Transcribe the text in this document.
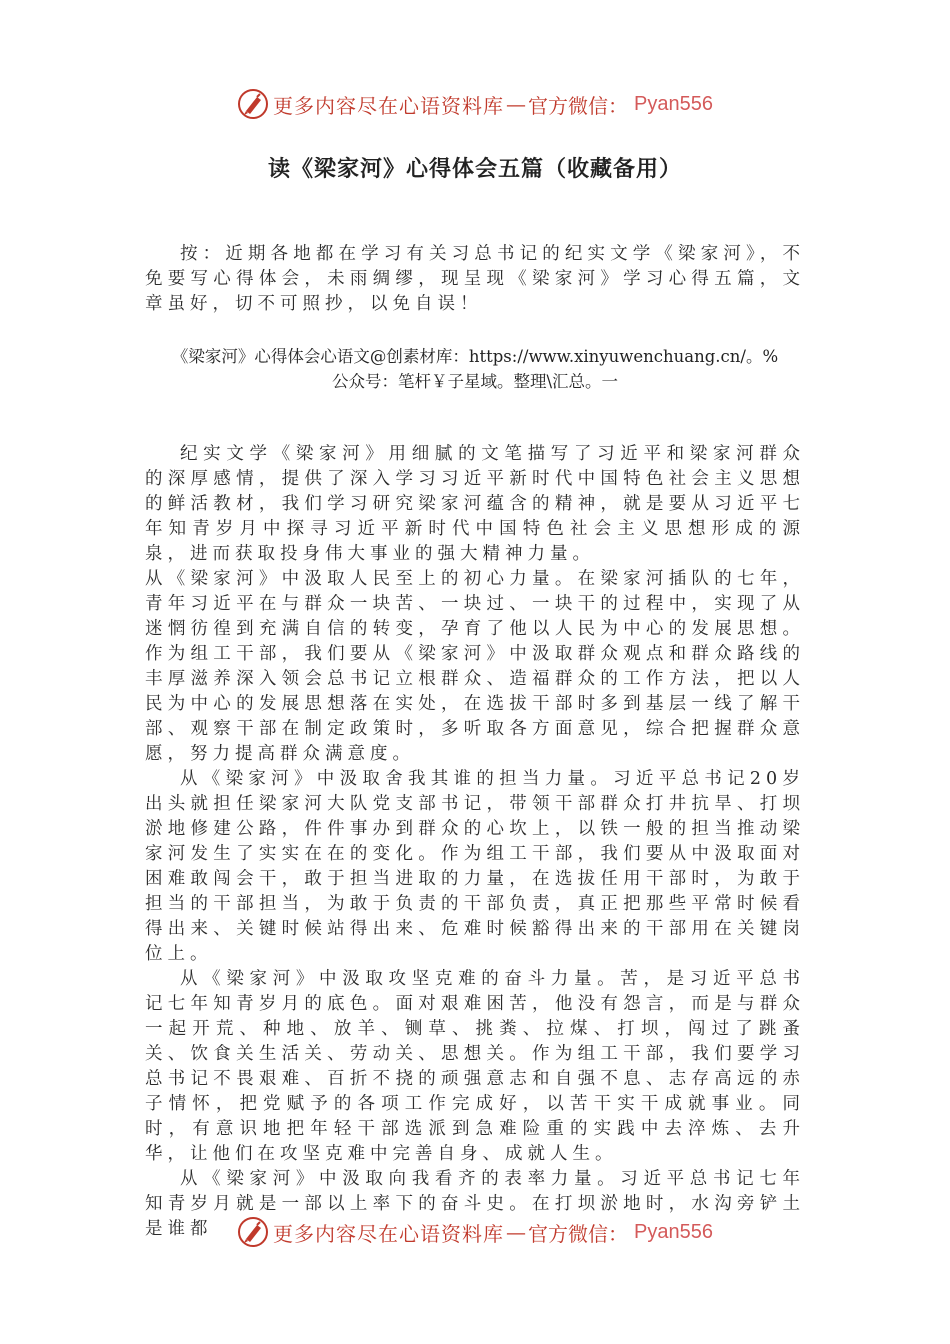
更多内容尽在心语资料库 — 官方微信： Pyan556
读《梁家河》心得体会五篇（收藏备用）
按：近期各地都在学习有关习总书记的纪实文学《梁家河》，不免要写心得体会，未雨绸缪，现呈现《梁家河》学习心得五篇，文章虽好，切不可照抄，以免自误！
《梁家河》心得体会心语文@创素材库：https://www.xinyuwenchuang.cn/。%
公众号：笔杆￥子星域。整理\汇总。一

纪实文学《梁家河》用细腻的文笔描写了习近平和梁家河群众的深厚感情，提供了深入学习习近平新时代中国特色社会主义思想的鲜活教材，我们学习研究梁家河蕴含的精神，就是要从习近平七年知青岁月中探寻习近平新时代中国特色社会主义思想形成的源泉，进而获取投身伟大事业的强大精神力量。

从《梁家河》中汲取人民至上的初心力量。在梁家河插队的七年，青年习近平在与群众一块苦、一块过、一块干的过程中，实现了从迷惘彷徨到充满自信的转变，孕育了他以人民为中心的发展思想。作为组工干部，我们要从《梁家河》中汲取群众观点和群众路线的丰厚滋养深入领会总书记立根群众、造福群众的工作方法，把以人民为中心的发展思想落在实处，在选拔干部时多到基层一线了解干部、观察干部在制定政策时，多听取各方面意见，综合把握群众意愿，努力提高群众满意度。

从《梁家河》中汲取舍我其谁的担当力量。习近平总书记20岁出头就担任梁家河大队党支部书记，带领干部群众打井抗旱、打坝淤地修建公路，件件事办到群众的心坎上，以铁一般的担当推动梁家河发生了实实在在的变化。作为组工干部，我们要从中汲取面对困难敢闯会干，敢于担当进取的力量，在选拔任用干部时，为敢于担当的干部担当，为敢于负责的干部负责，真正把那些平常时候看得出来、关键时候站得出来、危难时候豁得出来的干部用在关键岗位上。

从《梁家河》中汲取攻坚克难的奋斗力量。苦，是习近平总书记七年知青岁月的底色。面对艰难困苦，他没有怨言，而是与群众一起开荒、种地、放羊、铡草、挑粪、拉煤、打坝，闯过了跳蚤关、饮食关生活关、劳动关、思想关。作为组工干部，我们要学习总书记不畏艰难、百折不挠的顽强意志和自强不息、志存高远的赤子情怀，把党赋予的各项工作完成好，以苦干实干成就事业。同时，有意识地把年轻干部选派到急难险重的实践中去淬炼、去升华，让他们在攻坚克难中完善自身、成就人生。

从《梁家河》中汲取向我看齐的表率力量。习近平总书记七年知青岁月就是一部以上率下的奋斗史。在打坝淤地时，水沟旁铲土是谁都	更多内容尽在心语资料库 — 官方微信： Pyan556
